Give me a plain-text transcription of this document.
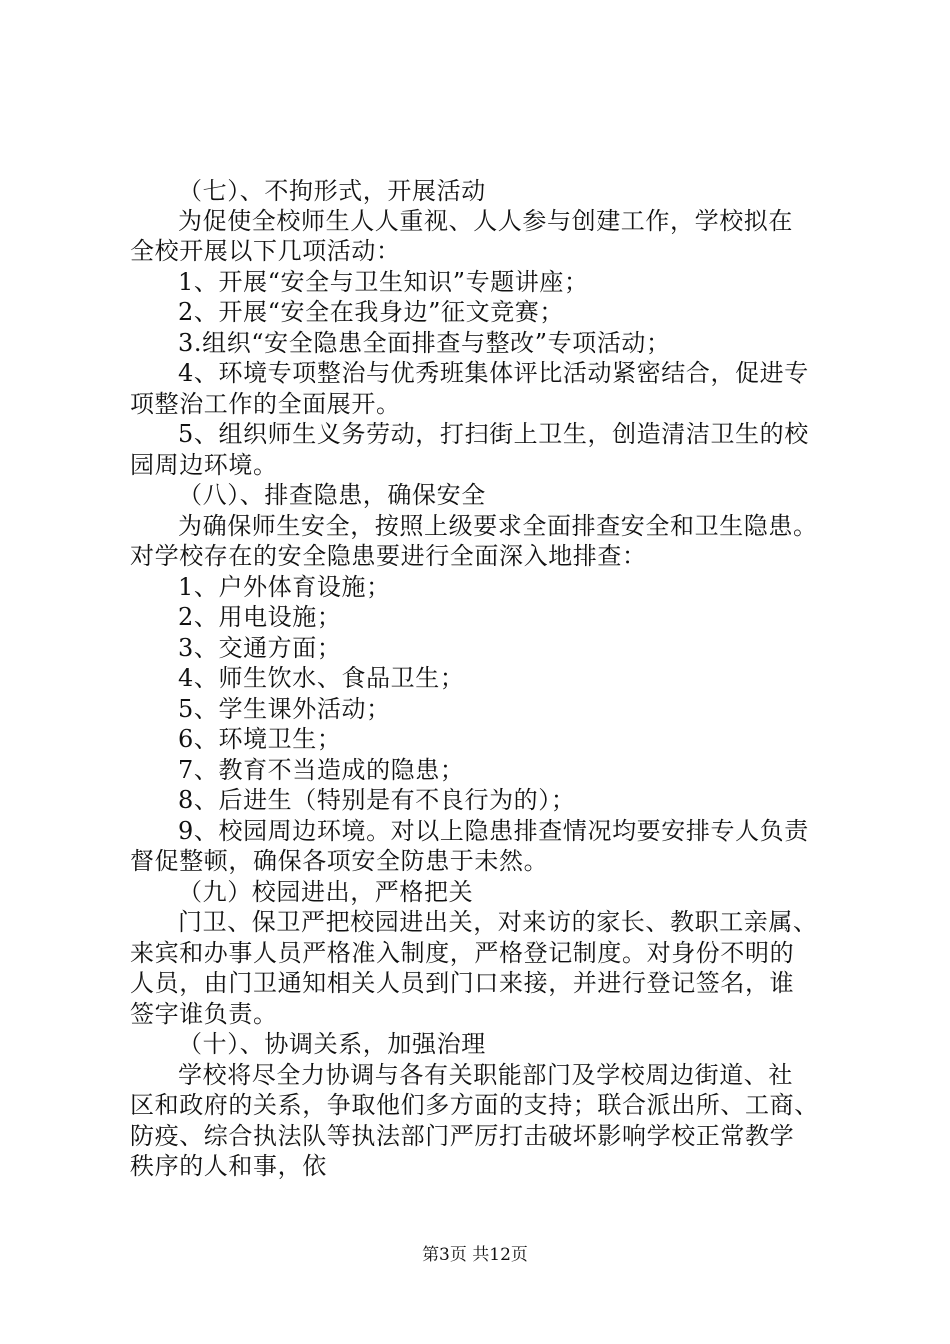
（七）、不拘形式，开展活动
为促使全校师生人人重视、人人参与创建工作，学校拟在
全校开展以下几项活动：
1、开展“安全与卫生知识”专题讲座；
2、开展“安全在我身边”征文竞赛；
3.组织“安全隐患全面排查与整改”专项活动；
4、环境专项整治与优秀班集体评比活动紧密结合，促进专
项整治工作的全面展开。
5、组织师生义务劳动，打扫街上卫生，创造清洁卫生的校
园周边环境。
（八）、排查隐患，确保安全
为确保师生安全，按照上级要求全面排查安全和卫生隐患。
对学校存在的安全隐患要进行全面深入地排查：
1、户外体育设施；
2、用电设施；
3、交通方面；
4、师生饮水、食品卫生；
5、学生课外活动；
6、环境卫生；
7、教育不当造成的隐患；
8、后进生（特别是有不良行为的）；
9、校园周边环境。对以上隐患排查情况均要安排专人负责
督促整顿，确保各项安全防患于未然。
（九）校园进出，严格把关
门卫、保卫严把校园进出关，对来访的家长、教职工亲属、
来宾和办事人员严格准入制度，严格登记制度。对身份不明的
人员，由门卫通知相关人员到门口来接，并进行登记签名，谁
签字谁负责。
（十）、协调关系，加强治理
学校将尽全力协调与各有关职能部门及学校周边街道、社
区和政府的关系，争取他们多方面的支持；联合派出所、工商、
防疫、综合执法队等执法部门严厉打击破坏影响学校正常教学
秩序的人和事，依
第3页 共12页
